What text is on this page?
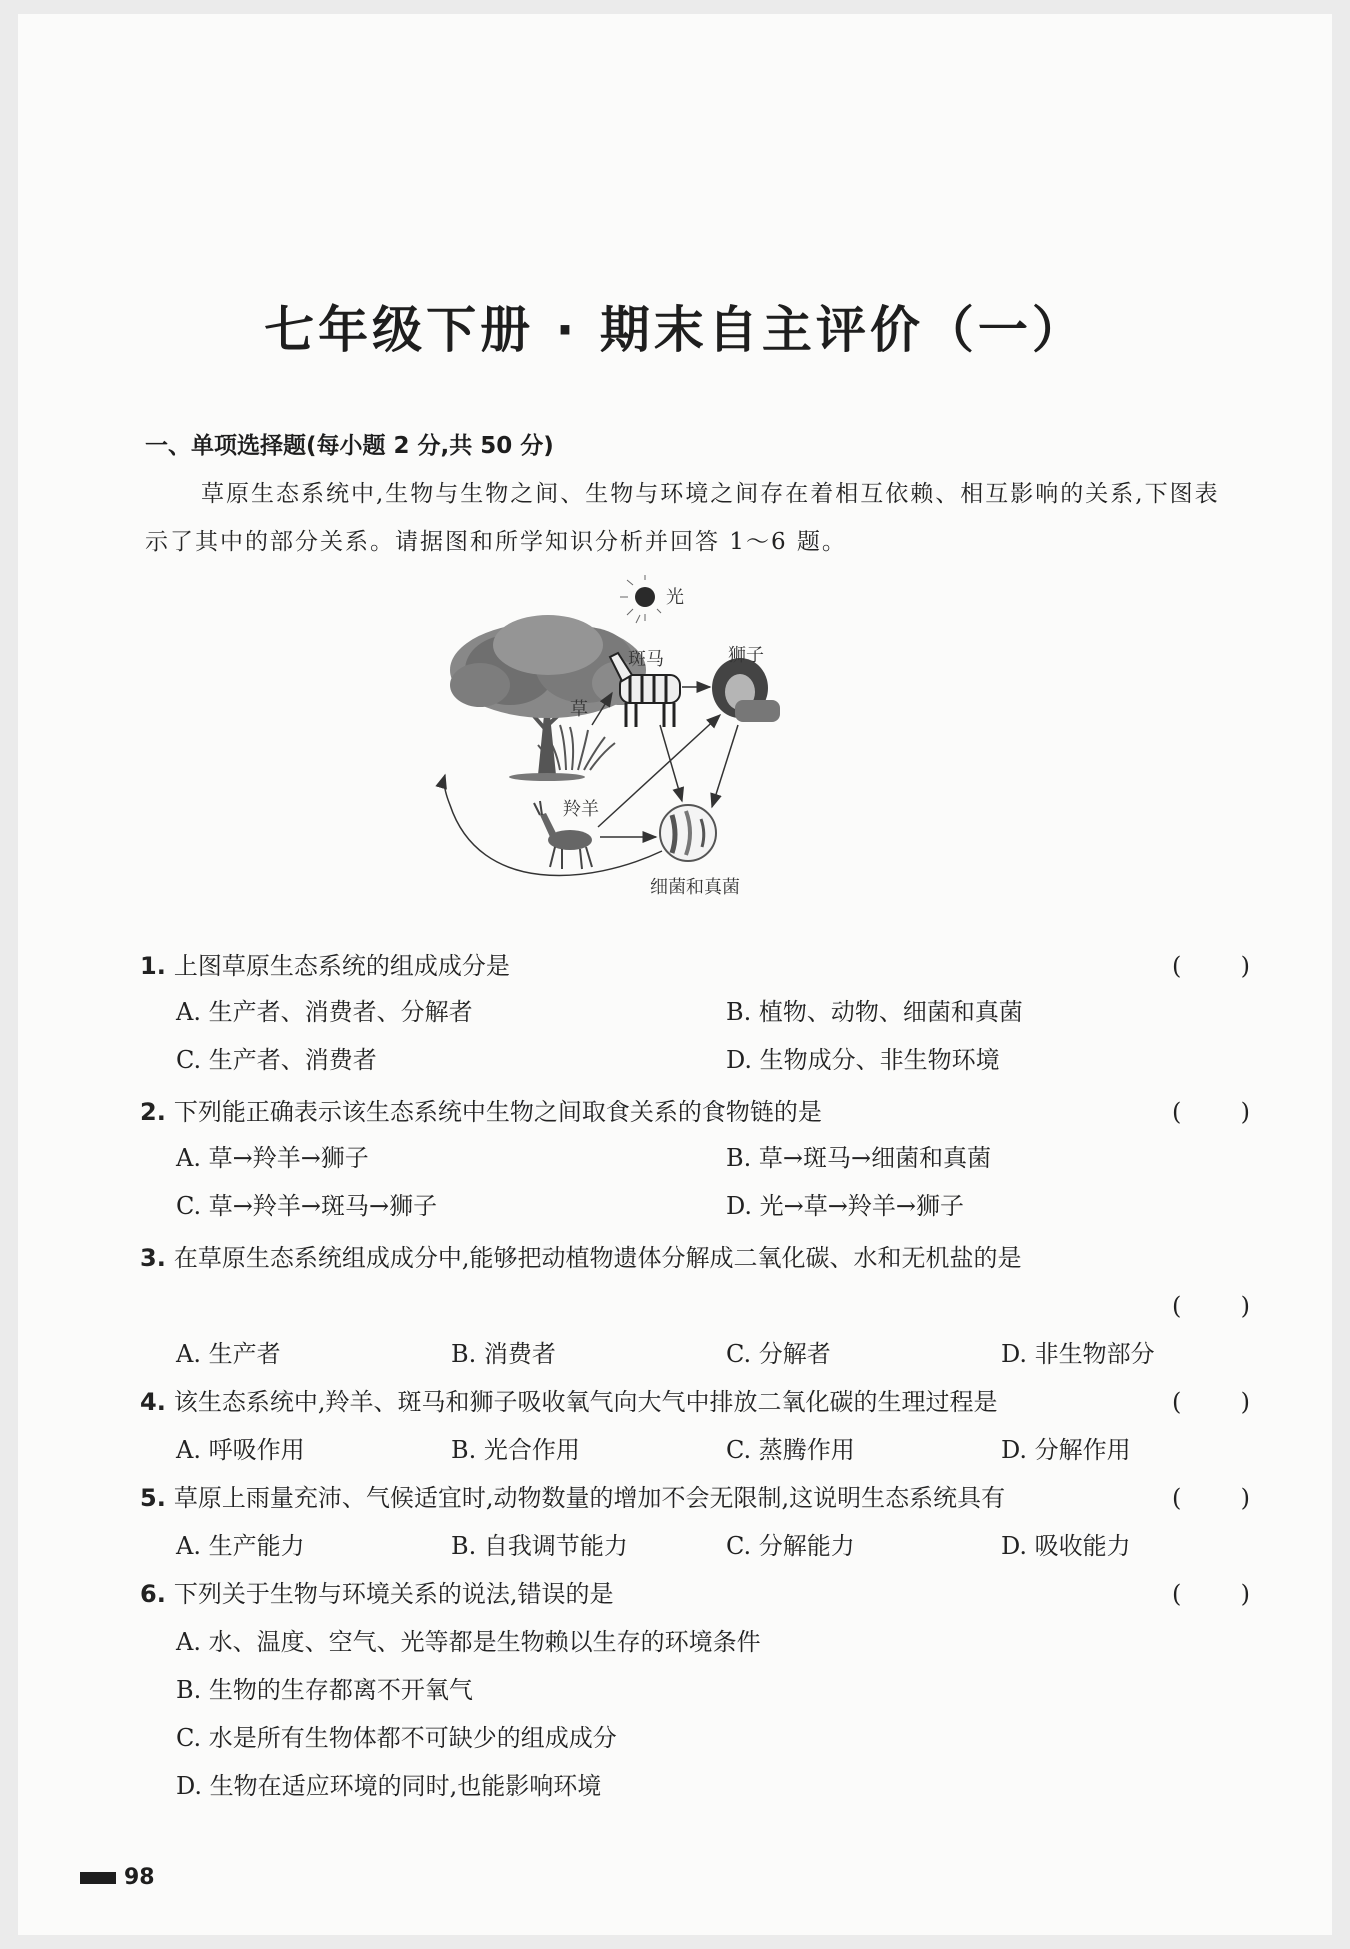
七年级下册 · 期末自主评价（一）
一、单项选择题(每小题 2 分,共 50 分)
草原生态系统中,生物与生物之间、生物与环境之间存在着相互依赖、相互影响的关系,下图表示了其中的部分关系。请据图和所学知识分析并回答 1～6 题。
光
斑马	狮子
草
羚羊
细菌和真菌
1. 上图草原生态系统的组成成分是	( )
A. 生产者、消费者、分解者	B. 植物、动物、细菌和真菌
C. 生产者、消费者	D. 生物成分、非生物环境
2. 下列能正确表示该生态系统中生物之间取食关系的食物链的是	( )
A. 草→羚羊→狮子	B. 草→斑马→细菌和真菌
C. 草→羚羊→斑马→狮子	D. 光→草→羚羊→狮子
3. 在草原生态系统组成成分中,能够把动植物遗体分解成二氧化碳、水和无机盐的是
( )
A. 生产者	B. 消费者	C. 分解者	D. 非生物部分
4. 该生态系统中,羚羊、斑马和狮子吸收氧气向大气中排放二氧化碳的生理过程是	( )
A. 呼吸作用	B. 光合作用	C. 蒸腾作用	D. 分解作用
5. 草原上雨量充沛、气候适宜时,动物数量的增加不会无限制,这说明生态系统具有	( )
A. 生产能力	B. 自我调节能力	C. 分解能力	D. 吸收能力
6. 下列关于生物与环境关系的说法,错误的是	( )
A. 水、温度、空气、光等都是生物赖以生存的环境条件
B. 生物的生存都离不开氧气
C. 水是所有生物体都不可缺少的组成成分
D. 生物在适应环境的同时,也能影响环境
98
